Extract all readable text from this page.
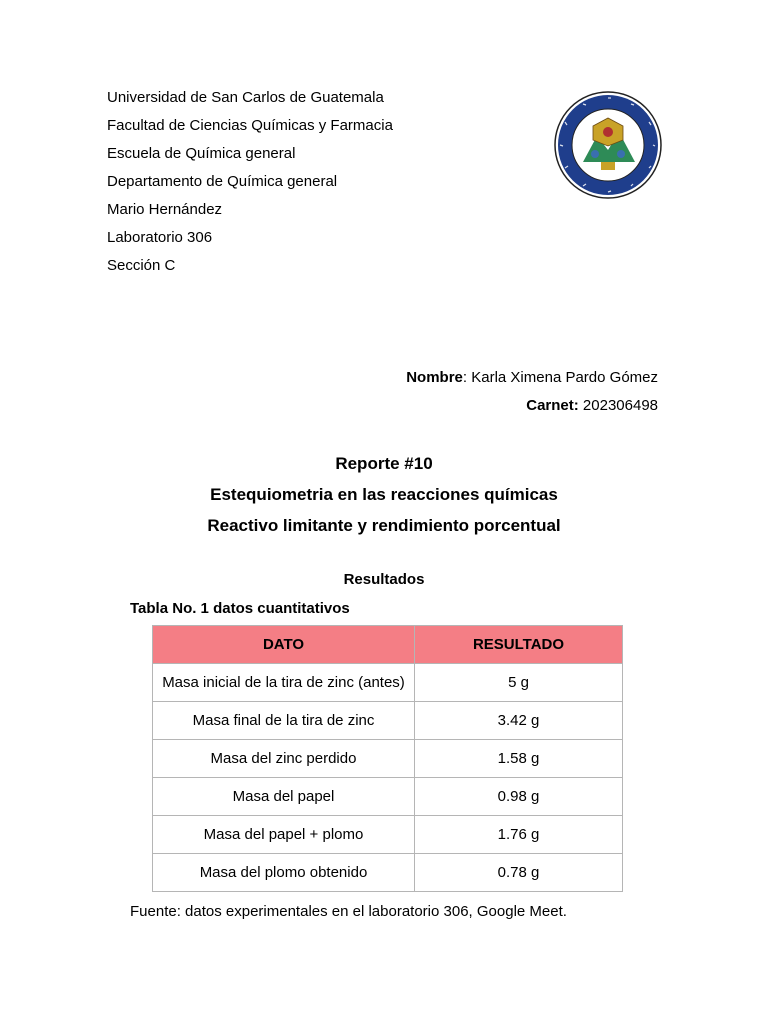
Universidad de San Carlos de Guatemala
Facultad de Ciencias Químicas y Farmacia
Escuela de Química general
Departamento de Química general
Mario Hernández
Laboratorio 306
Sección C
Nombre: Karla Ximena Pardo Gómez
Carnet: 202306498
Reporte #10
Estequiometria en las reacciones químicas
Reactivo limitante y rendimiento porcentual
Resultados
Tabla No. 1 datos cuantitativos
DATO	RESULTADO
Masa inicial de la tira de zinc (antes)	5 g
Masa final de la tira de zinc	3.42 g
Masa del zinc perdido	1.58 g
Masa del papel	0.98 g
Masa del papel + plomo	1.76 g
Masa del plomo obtenido	0.78 g
Fuente: datos experimentales en el laboratorio 306, Google Meet.
